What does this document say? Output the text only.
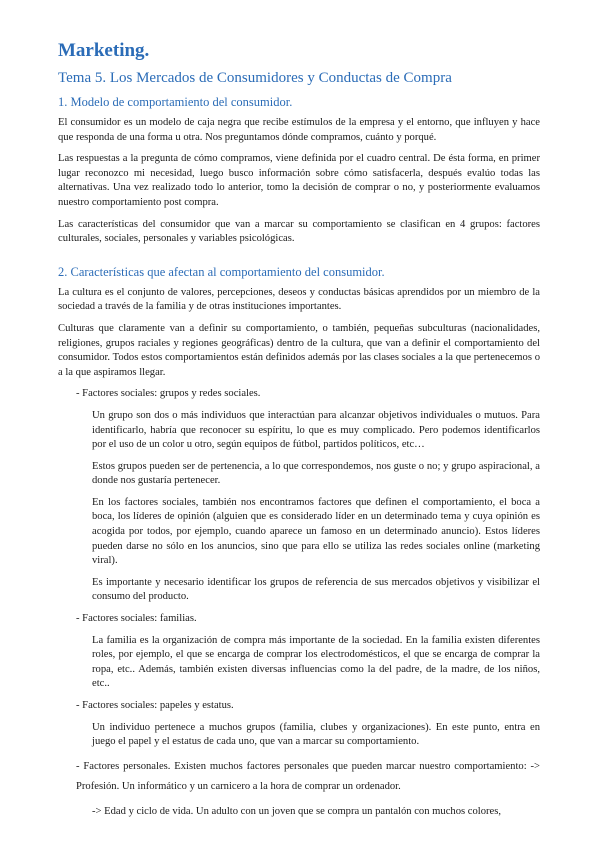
Marketing.
Tema 5. Los Mercados de Consumidores y Conductas de Compra
1. Modelo de comportamiento del consumidor.

El consumidor es un modelo de caja negra que recibe estímulos de la empresa y el entorno, que influyen y hace que responda de una forma u otra. Nos preguntamos dónde compramos, cuánto y porqué.

Las respuestas a la pregunta de cómo compramos, viene definida por el cuadro central. De ésta forma, en primer lugar reconozco mi necesidad, luego busco información sobre cómo satisfacerla, después evalúo todas las alternativas. Una vez realizado todo lo anterior, tomo la decisión de comprar o no, y posteriormente evaluamos nuestro comportamiento post compra.

Las características del consumidor que van a marcar su comportamiento se clasifican en 4 grupos: factores culturales, sociales, personales y variables psicológicas.

2. Características que afectan al comportamiento del consumidor.

La cultura es el conjunto de valores, percepciones, deseos y conductas básicas aprendidos por un miembro de la sociedad a través de la familia y de otras instituciones importantes.

Culturas que claramente van a definir su comportamiento, o también, pequeñas subculturas (nacionalidades, religiones, grupos raciales y regiones geográficas) dentro de la cultura, que van a definir el comportamiento del consumidor. Todos estos comportamientos están definidos además por las clases sociales a la que pertenecemos o a la que aspiramos llegar.

- Factores sociales: grupos y redes sociales.

Un grupo son dos o más individuos que interactúan para alcanzar objetivos individuales o mutuos. Para identificarlo, habría que reconocer su espíritu, lo que es muy complicado. Pero podemos identificarlos por el uso de un color u otro, según equipos de fútbol, partidos políticos, etc…

Estos grupos pueden ser de pertenencia, a lo que correspondemos, nos guste o no; y grupo aspiracional, a donde nos gustaría pertenecer.

En los factores sociales, también nos encontramos factores que definen el comportamiento, el boca a boca, los líderes de opinión (alguien que es considerado líder en un determinado tema y cuya opinión es acogida por todos, por ejemplo, cuando aparece un famoso en un determinado anuncio). Estos líderes pueden darse no sólo en los anuncios, sino que para ello se utiliza las redes sociales online (marketing viral).

Es importante y necesario identificar los grupos de referencia de sus mercados objetivos y visibilizar el consumo del producto.

- Factores sociales: familias.

La familia es la organización de compra más importante de la sociedad. En la familia existen diferentes roles, por ejemplo, el que se encarga de comprar los electrodomésticos, el que se encarga de comprar la ropa, etc.. Además, también existen diversas influencias como la del padre, de la madre, de los niños, etc..

- Factores sociales: papeles y estatus.

Un individuo pertenece a muchos grupos (familia, clubes y organizaciones). En este punto, entra en juego el papel y el estatus de cada uno, que van a marcar su comportamiento.

- Factores personales. Existen muchos factores personales que pueden marcar nuestro comportamiento: -> Profesión. Un informático y un carnicero a la hora de comprar un ordenador.
-> Edad y ciclo de vida. Un adulto con un joven que se compra un pantalón con muchos colores,
